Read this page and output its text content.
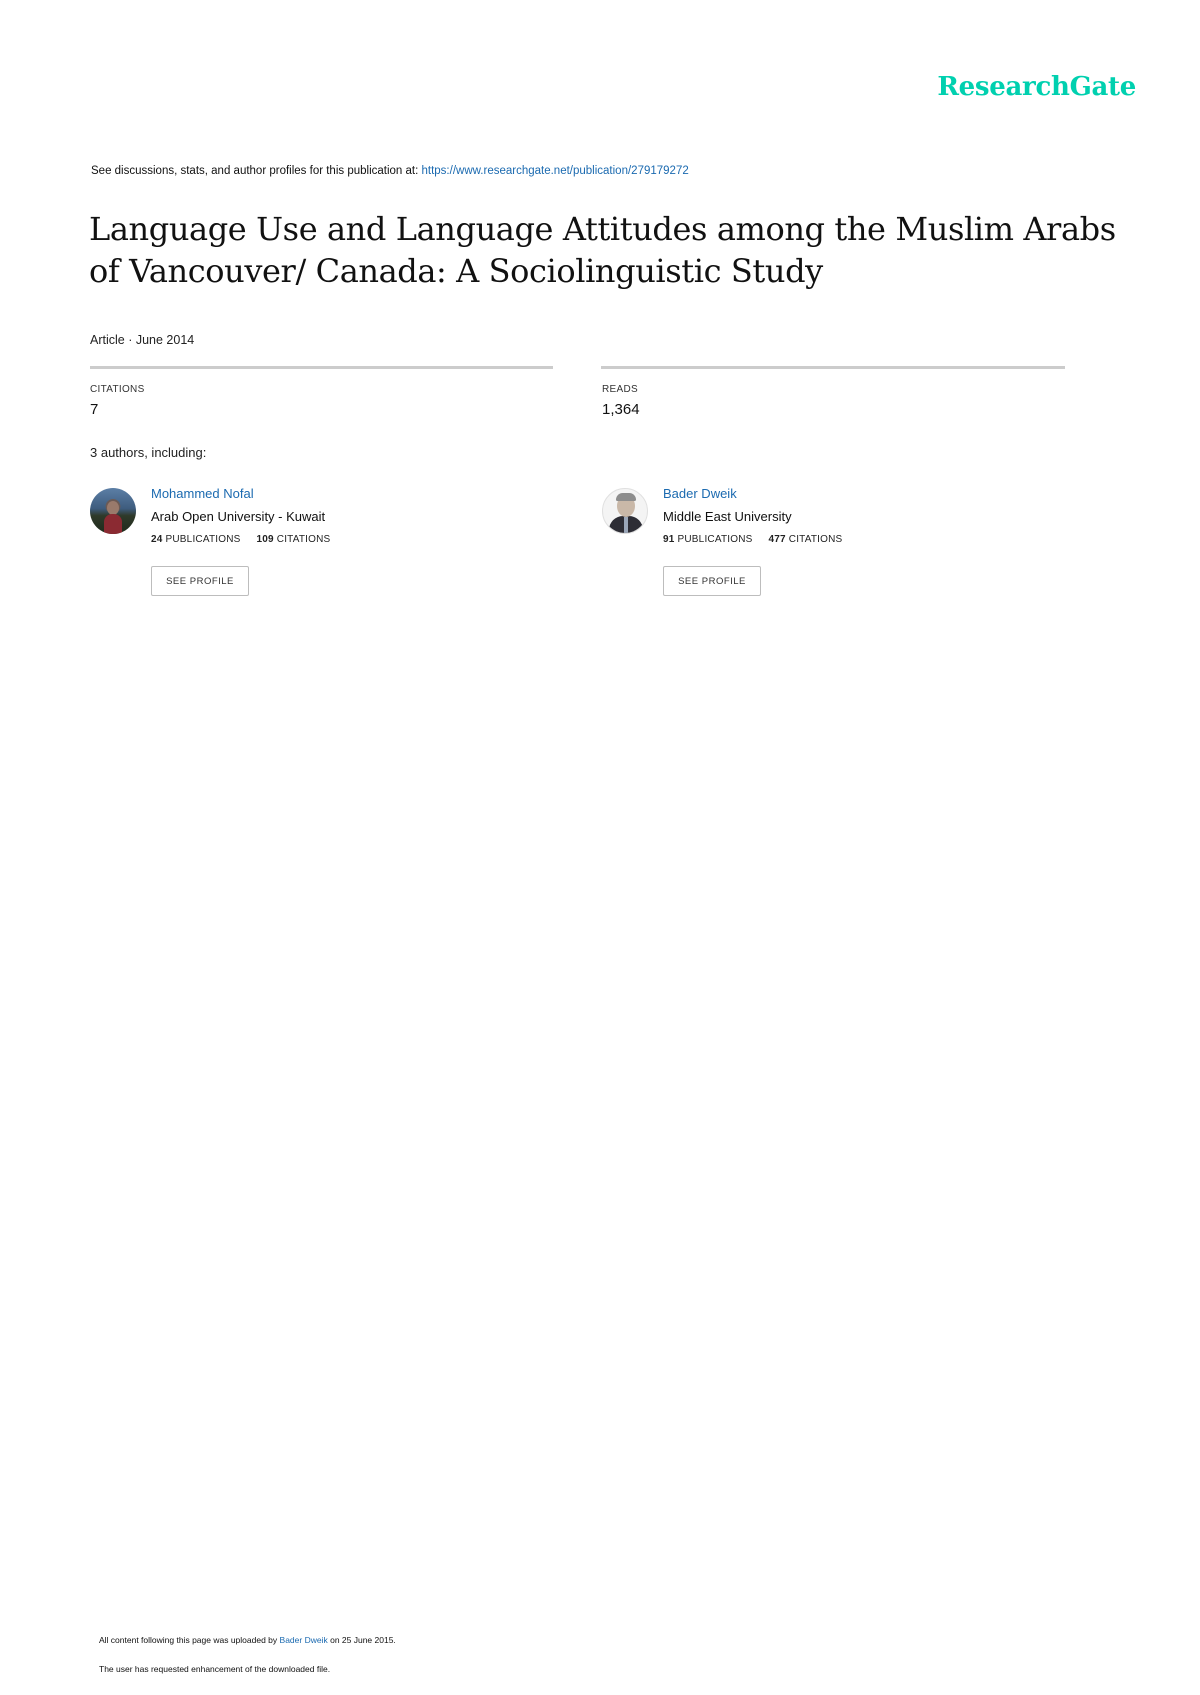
ResearchGate
See discussions, stats, and author profiles for this publication at: https://www.researchgate.net/publication/279179272
Language Use and Language Attitudes among the Muslim Arabs of Vancouver/ Canada: A Sociolinguistic Study
Article · June 2014
CITATIONS
7
READS
1,364
3 authors, including:
Mohammed Nofal
Arab Open University - Kuwait
24 PUBLICATIONS 109 CITATIONS
SEE PROFILE
Bader Dweik
Middle East University
91 PUBLICATIONS 477 CITATIONS
SEE PROFILE
All content following this page was uploaded by Bader Dweik on 25 June 2015.
The user has requested enhancement of the downloaded file.
